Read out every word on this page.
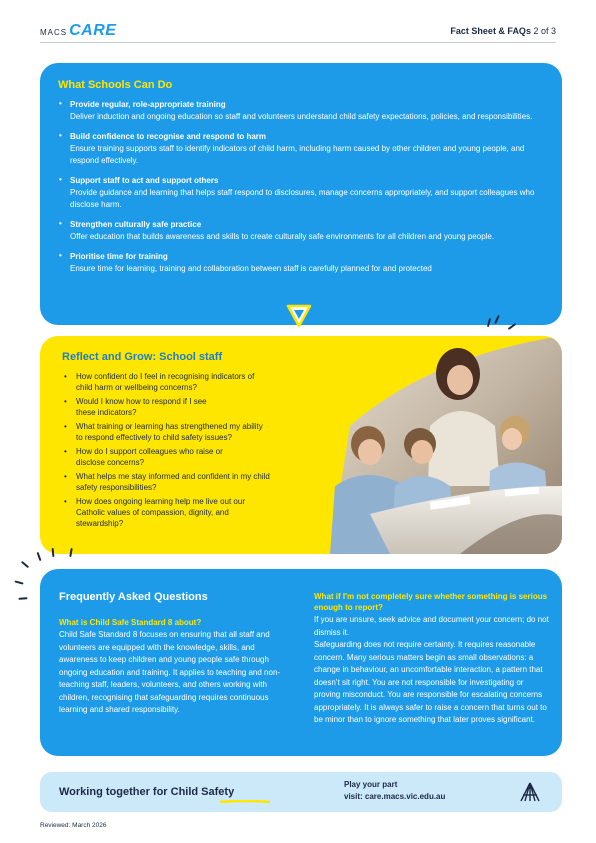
MACS CARE	Fact Sheet & FAQs 2 of 3
What Schools Can Do
• Provide regular, role-appropriate training
Deliver induction and ongoing education so staff and volunteers understand child safety expectations, policies, and responsibilities.
• Build confidence to recognise and respond to harm
Ensure training supports staff to identify indicators of child harm, including harm caused by other children and young people, and respond effectively.
• Support staff to act and support others
Provide guidance and learning that helps staff respond to disclosures, manage concerns appropriately, and support colleagues who disclose harm.
• Strengthen culturally safe practice
Offer education that builds awareness and skills to create culturally safe environments for all children and young people.
• Prioritise time for training
Ensure time for learning, training and collaboration between staff is carefully planned for and protected
Reflect and Grow: School staff
• How confident do I feel in recognising indicators of child harm or wellbeing concerns?
• Would I know how to respond if I see these indicators?
• What training or learning has strengthened my ability to respond effectively to child safety issues?
• How do I support colleagues who raise or disclose concerns?
• What helps me stay informed and confident in my child safety responsibilities?
• How does ongoing learning help me live out our Catholic values of compassion, dignity, and stewardship?
Frequently Asked Questions
What is Child Safe Standard 8 about?
Child Safe Standard 8 focuses on ensuring that all staff and volunteers are equipped with the knowledge, skills, and awareness to keep children and young people safe through ongoing education and training. It applies to teaching and non-teaching staff, leaders, volunteers, and others working with children, recognising that safeguarding requires continuous learning and shared responsibility.
What if I'm not completely sure whether something is serious enough to report?
If you are unsure, seek advice and document your concern; do not dismiss it.
Safeguarding does not require certainty. It requires reasonable concern. Many serious matters begin as small observations: a change in behaviour, an uncomfortable interaction, a pattern that doesn’t sit right. You are not responsible for investigating or proving misconduct. You are responsible for escalating concerns appropriately. It is always safer to raise a concern that turns out to be minor than to ignore something that later proves significant.
Working together for Child Safety
Play your part
visit: care.macs.vic.edu.au
Reviewed: March 2026
